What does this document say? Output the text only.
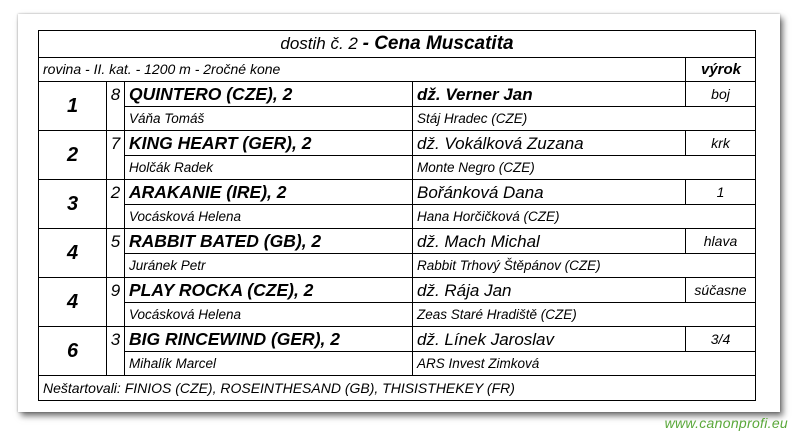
dostih č. 2 - Cena Muscatita
rovina - II. kat. - 1200 m - 2ročné kone	výrok
1	8 QUINTERO (CZE), 2	dž. Verner Jan	boj
Váňa Tomáš	Stáj Hradec (CZE)
2	7 KING HEART (GER), 2	dž. Vokálková Zuzana	krk
Holčák Radek	Monte Negro (CZE)
3	2 ARAKANIE (IRE), 2	Bořánková Dana	1
Vocásková Helena	Hana Horčičková (CZE)
4	5 RABBIT BATED (GB), 2	dž. Mach Michal	hlava
Juránek Petr	Rabbit Trhový Štěpánov (CZE)
4	9 PLAY ROCKA (CZE), 2	dž. Rája Jan	súčasne
Vocásková Helena	Zeas Staré Hradiště (CZE)
6	3 BIG RINCEWIND (GER), 2	dž. Línek Jaroslav	3/4
Mihalík Marcel	ARS Invest Zimková
Neštartovali: FINIOS (CZE), ROSEINTHESAND (GB), THISISTHEKEY (FR)
www.canonprofi.eu
